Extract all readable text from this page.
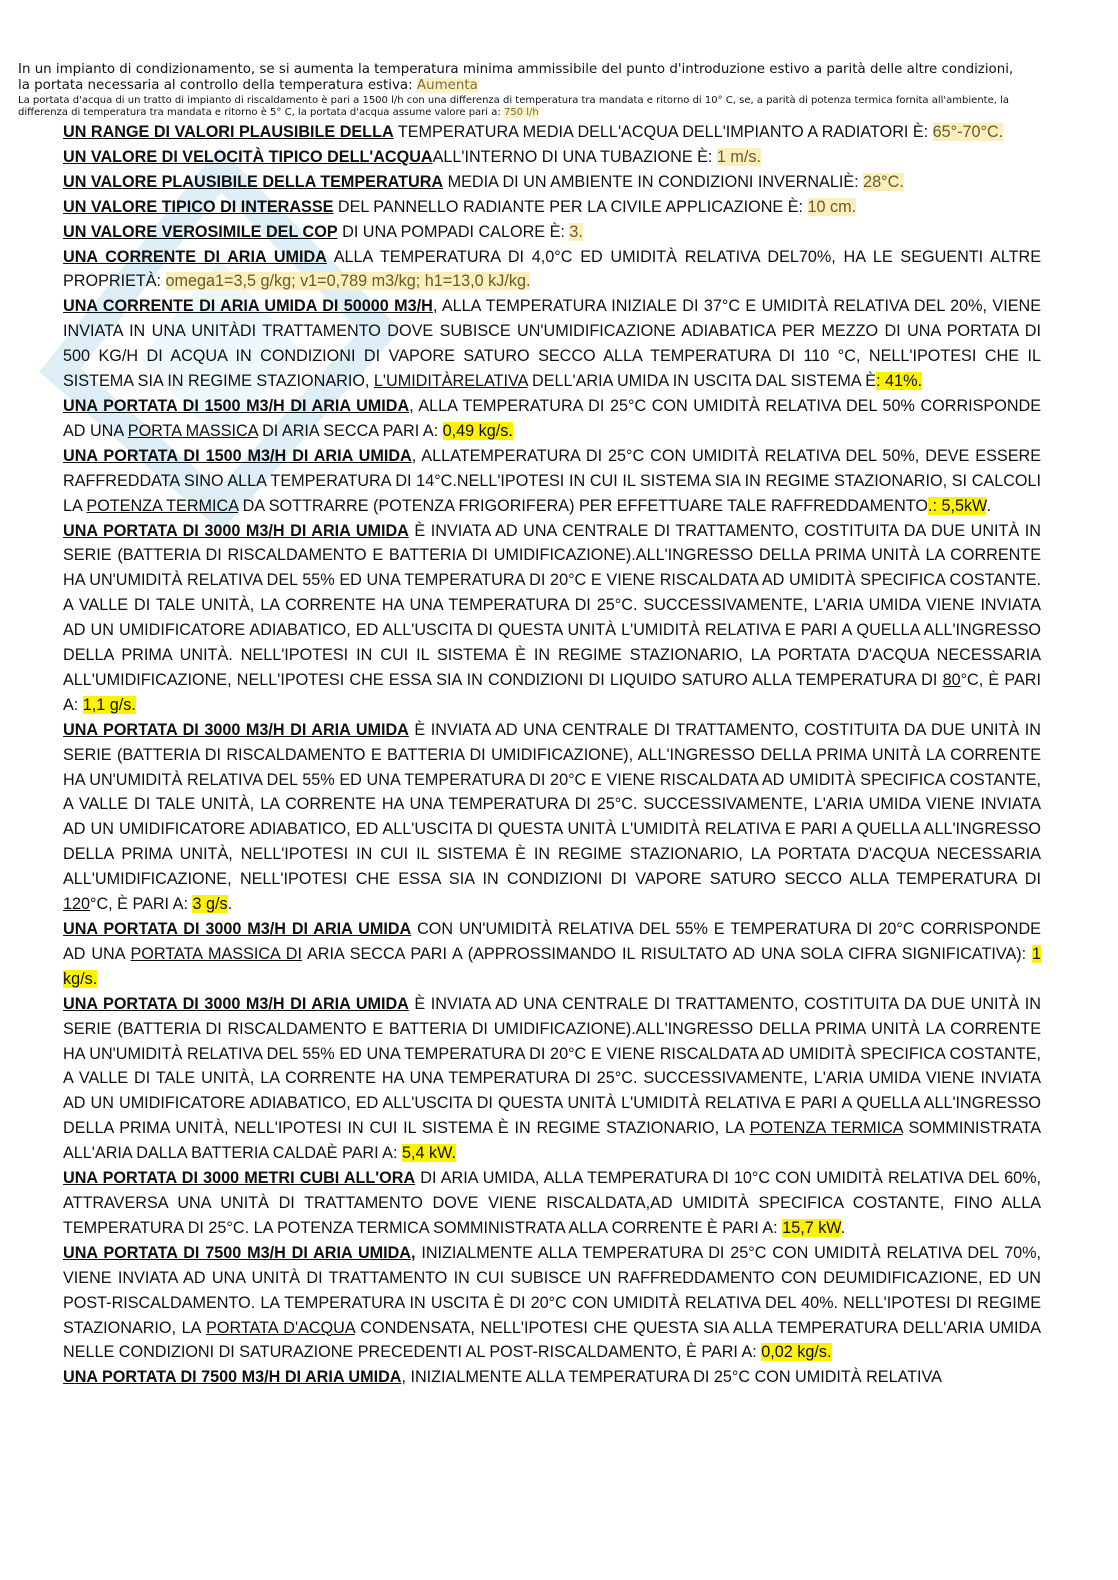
In un impianto di condizionamento, se si aumenta la temperatura minima ammissibile del punto d'introduzione estivo a parità delle altre condizioni,
la portata necessaria al controllo della temperatura estiva: Aumenta
La portata d'acqua di un tratto di impianto di riscaldamento è pari a 1500 l/h con una differenza di temperatura tra mandata e ritorno di 10° C, se, a parità di potenza termica fornita all'ambiente, la
differenza di temperatura tra mandata e ritorno è 5° C, la portata d'acqua assume valore pari a: 750 l/h

UN RANGE DI VALORI PLAUSIBILE DELLA TEMPERATURA MEDIA DELL'ACQUA DELL'IMPIANTO A RADIATORI È: 65°-70°C.

UN VALORE DI VELOCITÀ TIPICO DELL'ACQUAALL'INTERNO DI UNA TUBAZIONE È: 1 m/s.

UN VALORE PLAUSIBILE DELLA TEMPERATURA MEDIA DI UN AMBIENTE IN CONDIZIONI INVERNALIÈ: 28°C.

UN VALORE TIPICO DI INTERASSE DEL PANNELLO RADIANTE PER LA CIVILE APPLICAZIONE È: 10 cm.

UN VALORE VEROSIMILE DEL COP DI UNA POMPADI CALORE È: 3.

UNA CORRENTE DI ARIA UMIDA ALLA TEMPERATURA DI 4,0°C ED UMIDITÀ RELATIVA DEL70%, HA LE SEGUENTI ALTRE PROPRIETÀ: omega1=3,5 g/kg; v1=0,789 m3/kg; h1=13,0 kJ/kg.

UNA CORRENTE DI ARIA UMIDA DI 50000 M3/H, ALLA TEMPERATURA INIZIALE DI 37°C E UMIDITÀ RELATIVA DEL 20%, VIENE INVIATA IN UNA UNITÀDI TRATTAMENTO DOVE SUBISCE UN'UMIDIFICAZIONE ADIABATICA PER MEZZO DI UNA PORTATA DI 500 KG/H DI ACQUA IN CONDIZIONI DI VAPORE SATURO SECCO ALLA TEMPERATURA DI 110 °C, NELL'IPOTESI CHE IL SISTEMA SIA IN REGIME STAZIONARIO, L'UMIDITÀRELATIVA DELL'ARIA UMIDA IN USCITA DAL SISTEMA È: 41%.

UNA PORTATA DI 1500 M3/H DI ARIA UMIDA, ALLA TEMPERATURA DI 25°C CON UMIDITÀ RELATIVA DEL 50% CORRISPONDE AD UNA PORTA MASSICA DI ARIA SECCA PARI A: 0,49 kg/s.

UNA PORTATA DI 1500 M3/H DI ARIA UMIDA, ALLATEMPERATURA DI 25°C CON UMIDITÀ RELATIVA DEL 50%, DEVE ESSERE RAFFREDDATA SINO ALLA TEMPERATURA DI 14°C.NELL'IPOTESI IN CUI IL SISTEMA SIA IN REGIME STAZIONARIO, SI CALCOLI LA POTENZA TERMICA DA SOTTRARRE (POTENZA FRIGORIFERA) PER EFFETTUARE TALE RAFFREDDAMENTO.: 5,5kW.

UNA PORTATA DI 3000 M3/H DI ARIA UMIDA È INVIATA AD UNA CENTRALE DI TRATTAMENTO, COSTITUITA DA DUE UNITÀ IN SERIE (BATTERIA DI RISCALDAMENTO E BATTERIA DI UMIDIFICAZIONE).ALL'INGRESSO DELLA PRIMA UNITÀ LA CORRENTE HA UN'UMIDITÀ RELATIVA DEL 55% ED UNA TEMPERATURA DI 20°C E VIENE RISCALDATA AD UMIDITÀ SPECIFICA COSTANTE. A VALLE DI TALE UNITÀ, LA CORRENTE HA UNA TEMPERATURA DI 25°C. SUCCESSIVAMENTE, L'ARIA UMIDA VIENE INVIATA AD UN UMIDIFICATORE ADIABATICO, ED ALL'USCITA DI QUESTA UNITÀ L'UMIDITÀ RELATIVA E PARI A QUELLA ALL'INGRESSO DELLA PRIMA UNITÀ. NELL'IPOTESI IN CUI IL SISTEMA È IN REGIME STAZIONARIO, LA PORTATA D'ACQUA NECESSARIA ALL'UMIDIFICAZIONE, NELL'IPOTESI CHE ESSA SIA IN CONDIZIONI DI LIQUIDO SATURO ALLA TEMPERATURA DI 80°C, È PARI A: 1,1 g/s.

UNA PORTATA DI 3000 M3/H DI ARIA UMIDA È INVIATA AD UNA CENTRALE DI TRATTAMENTO, COSTITUITA DA DUE UNITÀ IN SERIE (BATTERIA DI RISCALDAMENTO E BATTERIA DI UMIDIFICAZIONE), ALL'INGRESSO DELLA PRIMA UNITÀ LA CORRENTE HA UN'UMIDITÀ RELATIVA DEL 55% ED UNA TEMPERATURA DI 20°C E VIENE RISCALDATA AD UMIDITÀ SPECIFICA COSTANTE, A VALLE DI TALE UNITÀ, LA CORRENTE HA UNA TEMPERATURA DI 25°C. SUCCESSIVAMENTE, L'ARIA UMIDA VIENE INVIATA AD UN UMIDIFICATORE ADIABATICO, ED ALL'USCITA DI QUESTA UNITÀ L'UMIDITÀ RELATIVA E PARI A QUELLA ALL'INGRESSO DELLA PRIMA UNITÀ, NELL'IPOTESI IN CUI IL SISTEMA È IN REGIME STAZIONARIO, LA PORTATA D'ACQUA NECESSARIA ALL'UMIDIFICAZIONE, NELL'IPOTESI CHE ESSA SIA IN CONDIZIONI DI VAPORE SATURO SECCO ALLA TEMPERATURA DI 120°C, È PARI A: 3 g/s.

UNA PORTATA DI 3000 M3/H DI ARIA UMIDA CON UN'UMIDITÀ RELATIVA DEL 55% E TEMPERATURA DI 20°C CORRISPONDE AD UNA PORTATA MASSICA DI ARIA SECCA PARI A (APPROSSIMANDO IL RISULTATO AD UNA SOLA CIFRA SIGNIFICATIVA): 1 kg/s.

UNA PORTATA DI 3000 M3/H DI ARIA UMIDA È INVIATA AD UNA CENTRALE DI TRATTAMENTO, COSTITUITA DA DUE UNITÀ IN SERIE (BATTERIA DI RISCALDAMENTO E BATTERIA DI UMIDIFICAZIONE).ALL'INGRESSO DELLA PRIMA UNITÀ LA CORRENTE HA UN'UMIDITÀ RELATIVA DEL 55% ED UNA TEMPERATURA DI 20°C E VIENE RISCALDATA AD UMIDITÀ SPECIFICA COSTANTE, A VALLE DI TALE UNITÀ, LA CORRENTE HA UNA TEMPERATURA DI 25°C. SUCCESSIVAMENTE, L'ARIA UMIDA VIENE INVIATA AD UN UMIDIFICATORE ADIABATICO, ED ALL'USCITA DI QUESTA UNITÀ L'UMIDITÀ RELATIVA E PARI A QUELLA ALL'INGRESSO DELLA PRIMA UNITÀ, NELL'IPOTESI IN CUI IL SISTEMA È IN REGIME STAZIONARIO, LA POTENZA TERMICA SOMMINISTRATA ALL'ARIA DALLA BATTERIA CALDAÈ PARI A: 5,4 kW.

UNA PORTATA DI 3000 METRI CUBI ALL'ORA DI ARIA UMIDA, ALLA TEMPERATURA DI 10°C CON UMIDITÀ RELATIVA DEL 60%, ATTRAVERSA UNA UNITÀ DI TRATTAMENTO DOVE VIENE RISCALDATA,AD UMIDITÀ SPECIFICA COSTANTE, FINO ALLA TEMPERATURA DI 25°C. LA POTENZA TERMICA SOMMINISTRATA ALLA CORRENTE È PARI A: 15,7 kW.

UNA PORTATA DI 7500 M3/H DI ARIA UMIDA, INIZIALMENTE ALLA TEMPERATURA DI 25°C CON UMIDITÀ RELATIVA DEL 70%, VIENE INVIATA AD UNA UNITÀ DI TRATTAMENTO IN CUI SUBISCE UN RAFFREDDAMENTO CON DEUMIDIFICAZIONE, ED UN POST-RISCALDAMENTO. LA TEMPERATURA IN USCITA È DI 20°C CON UMIDITÀ RELATIVA DEL 40%. NELL'IPOTESI DI REGIME STAZIONARIO, LA PORTATA D'ACQUA CONDENSATA, NELL'IPOTESI CHE QUESTA SIA ALLA TEMPERATURA DELL'ARIA UMIDA NELLE CONDIZIONI DI SATURAZIONE PRECEDENTI AL POST-RISCALDAMENTO, È PARI A: 0,02 kg/s.

UNA PORTATA DI 7500 M3/H DI ARIA UMIDA, INIZIALMENTE ALLA TEMPERATURA DI 25°C CON UMIDITÀ RELATIVA
